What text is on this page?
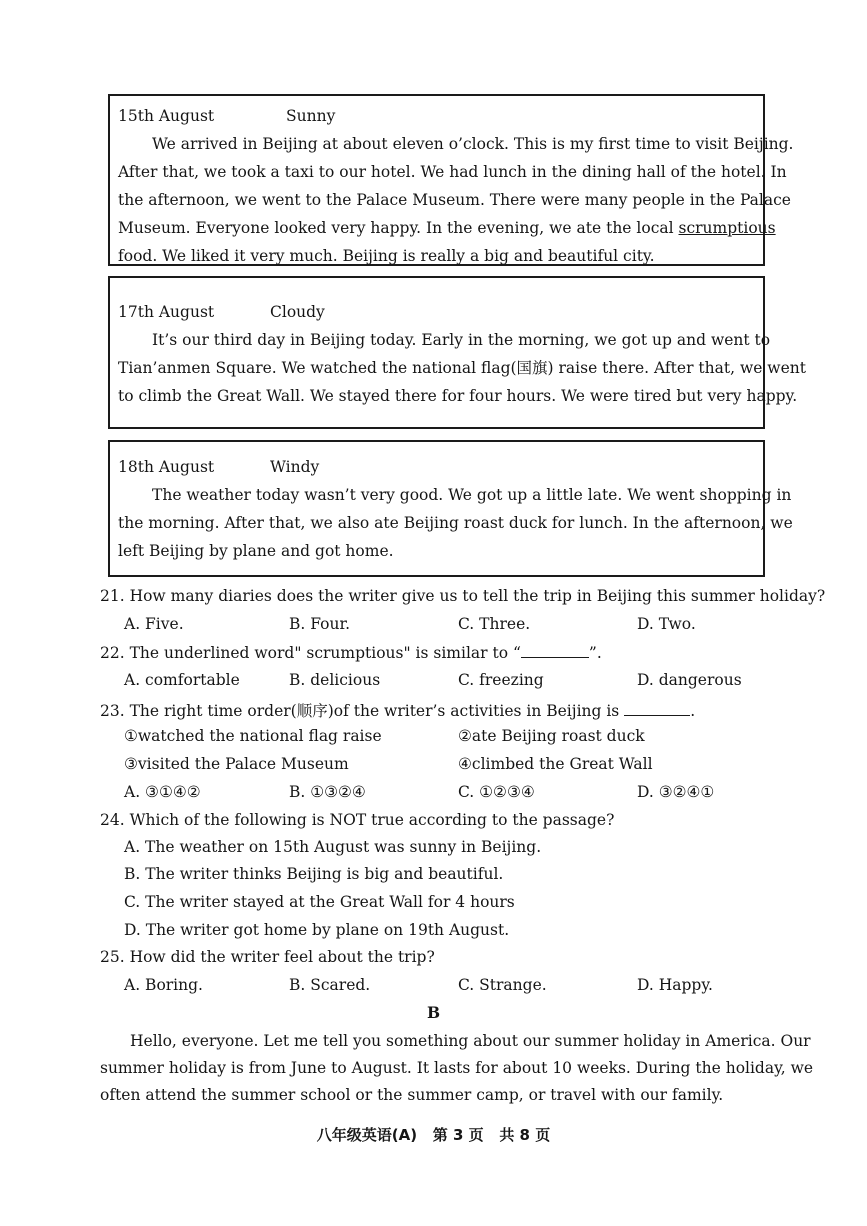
15th August	Sunny
We arrived in Beijing at about eleven o’clock. This is my first time to visit Beijing.
After that, we took a taxi to our hotel. We had lunch in the dining hall of the hotel. In
the afternoon, we went to the Palace Museum. There were many people in the Palace
Museum. Everyone looked very happy. In the evening, we ate the local scrumptious
food. We liked it very much. Beijing is really a big and beautiful city.
17th August	Cloudy
It’s our third day in Beijing today. Early in the morning, we got up and went to
Tian’anmen Square. We watched the national flag(国旗) raise there. After that, we went
to climb the Great Wall. We stayed there for four hours. We were tired but very happy.
18th August	Windy
The weather today wasn’t very good. We got up a little late. We went shopping in
the morning. After that, we also ate Beijing roast duck for lunch. In the afternoon, we
left Beijing by plane and got home.
21. How many diaries does the writer give us to tell the trip in Beijing this summer holiday?
A. Five.	B. Four.	C. Three.	D. Two.
22. The underlined word" scrumptious" is similar to “	”.
A. comfortable	B. delicious	C. freezing	D. dangerous
23. The right time order(顺序)of the writer’s activities in Beijing is	.
①watched the national flag raise	②ate Beijing roast duck
③visited the Palace Museum	④climbed the Great Wall
A. ③①④②	B. ①③②④	C. ①②③④	D. ③②④①
24. Which of the following is NOT true according to the passage?
A. The weather on 15th August was sunny in Beijing.
B. The writer thinks Beijing is big and beautiful.
C. The writer stayed at the Great Wall for 4 hours
D. The writer got home by plane on 19th August.
25. How did the writer feel about the trip?
A. Boring.	B. Scared.	C. Strange.	D. Happy.
B
Hello, everyone. Let me tell you something about our summer holiday in America. Our
summer holiday is from June to August. It lasts for about 10 weeks. During the holiday, we
often attend the summer school or the summer camp, or travel with our family.
八年级英语(A)   第 3 页   共 8 页
